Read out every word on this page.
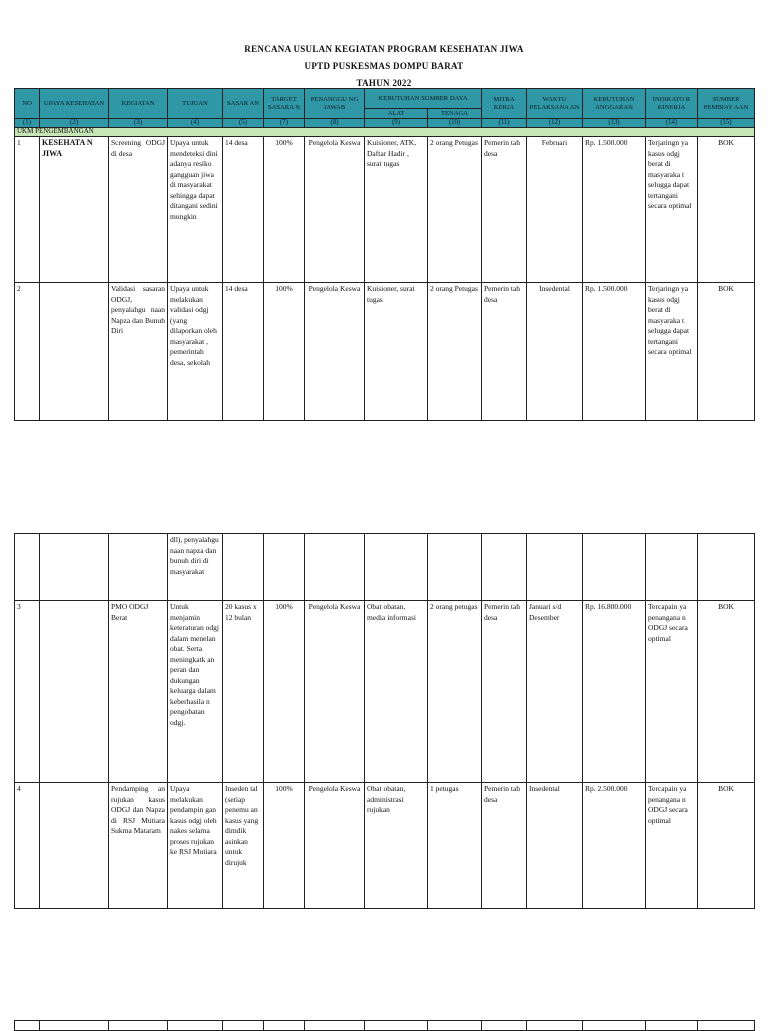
RENCANA USULAN KEGIATAN PROGRAM KESEHATAN JIWA
UPTD PUSKESMAS DOMPU BARAT
TAHUN 2022
NO	UPAYA KESEHATAN	KEGIATAN	TUJUAN	SASAR AN	TARGET SASARA N	PENANGGU NG JAWAB	KEBUTUHAN SUMBER DAYA		MITRA KERJA	WAKTU PELAKSANA AN	KEBUTUHAN ANGGARAN	INDIKATO R KINERJA	SUMBER PEMBIAY AAN
							ALAT	TENAGA					
(1)	(2)	(3)	(4)	(5)	(7)	(8)	(9)	(10)	(11)	(12)	(13)	(14)	(15)
UKM PENGEMBANGAN													
1	KESEHATA N JIWA	Screening ODGJ di desa	Upaya untuk mendeteksi dini adanya resiko gangguan jiwa di masyarakat sehingga dapat ditangani sedini mungkin	14 desa	100%	Pengelola Keswa	Kuisioner, ATK, Daftar Hadir , surat tugas	2 orang Petugas	Pemerin tah desa	Februari	Rp. 1.500.000	Terjaringn ya kasus odgj berat di masyaraka t selugga dapat tertangani secara optimal	BOK
2		Validasi sasaran ODGJ, penyalahgu naan Napza dan Bunuh Diri	Upaya untuk melakukan validasi odgj (yang dilaporkan oleh masyarakat , pemerintah desa, sekolah	14 desa	100%	Pengelola Keswa	Kuisioner, surat tugas	2 orang Petugas	Pemerin tah desa	Insedental	Rp. 1.500.000	Terjaringn ya kasus odgj berat di masyaraka t selugga dapat tertangani secara optimal	BOK
			dll), penyalahgu naan napza dan bunuh diri di masyarakat										
3		PMO ODGJ Berat	Untuk menjamin keteraturan odgj dalam menelan obat. Serta meningkatk an peran dan dukungan keluarga dalam keberhasila n pengobatan odgj.	20 kasus x 12 bulan	100%	Pengelola Keswa	Obat obatan, media informasi	2 orang petugas	Pemerin tah desa	Januari s/d Desember	Rp. 16.800.000	Tercapain ya penangana n ODGJ secara optimal	BOK
4		Pendamping an rujukan kasus ODGJ dan Napza di RSJ Mutiara Sukma Mataram	Upaya melakukan pendampin gan kasus odgj oleh nakes selama proses rujukan ke RSJ Mutiara	Inseden tal (setiap penemu an kasus yang dimdik asinkan untuk dirujuk	100%	Pengelola Keswa	Obat obatan, administrasi rujukan	1 petugas	Pemerin tah desa	Insedental	Rp. 2.500.000	Tercapain ya penangana n ODGJ secara optimal	BOK
